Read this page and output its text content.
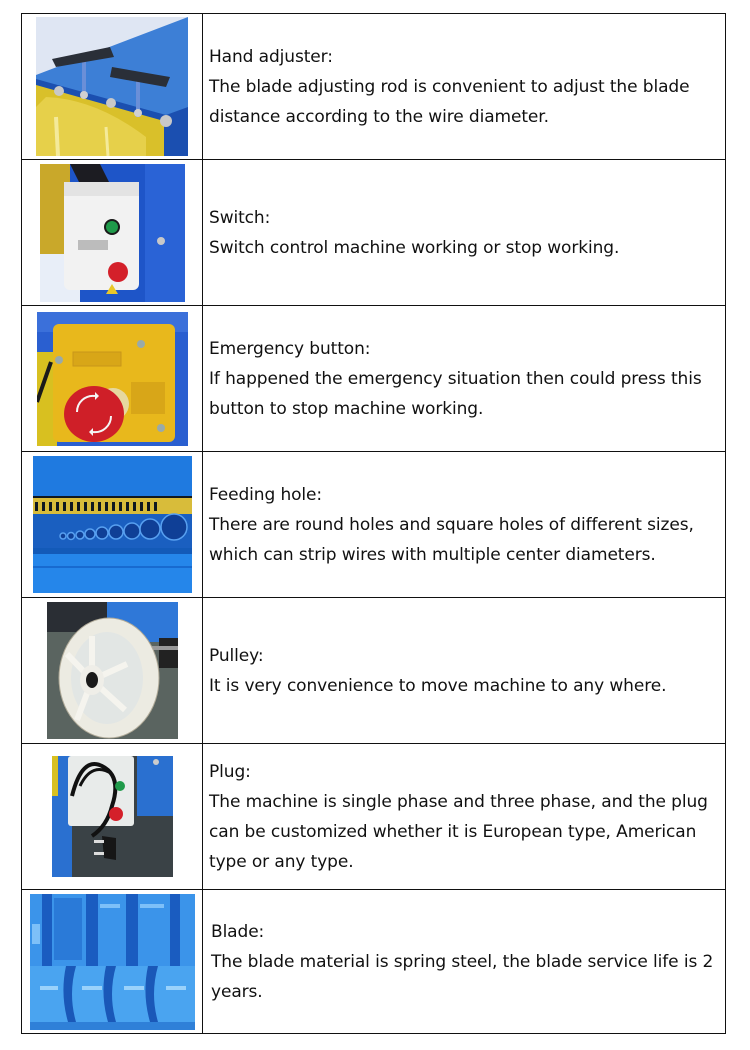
Hand adjuster:

The blade adjusting rod is convenient to adjust the blade distance according to the wire diameter.

Switch:

Switch control machine working or stop working.

Emergency button:

If happened the emergency situation then could press this button to stop machine working.

Feeding hole:

There are round holes and square holes of different sizes, which can strip wires with multiple center diameters.

Pulley:

It is very convenience to move machine to any where.

Plug:

The machine is single phase and three phase, and the plug can be customized whether it is European type, American type or any type.

Blade:

The blade material is spring steel, the blade service life is 2 years.
